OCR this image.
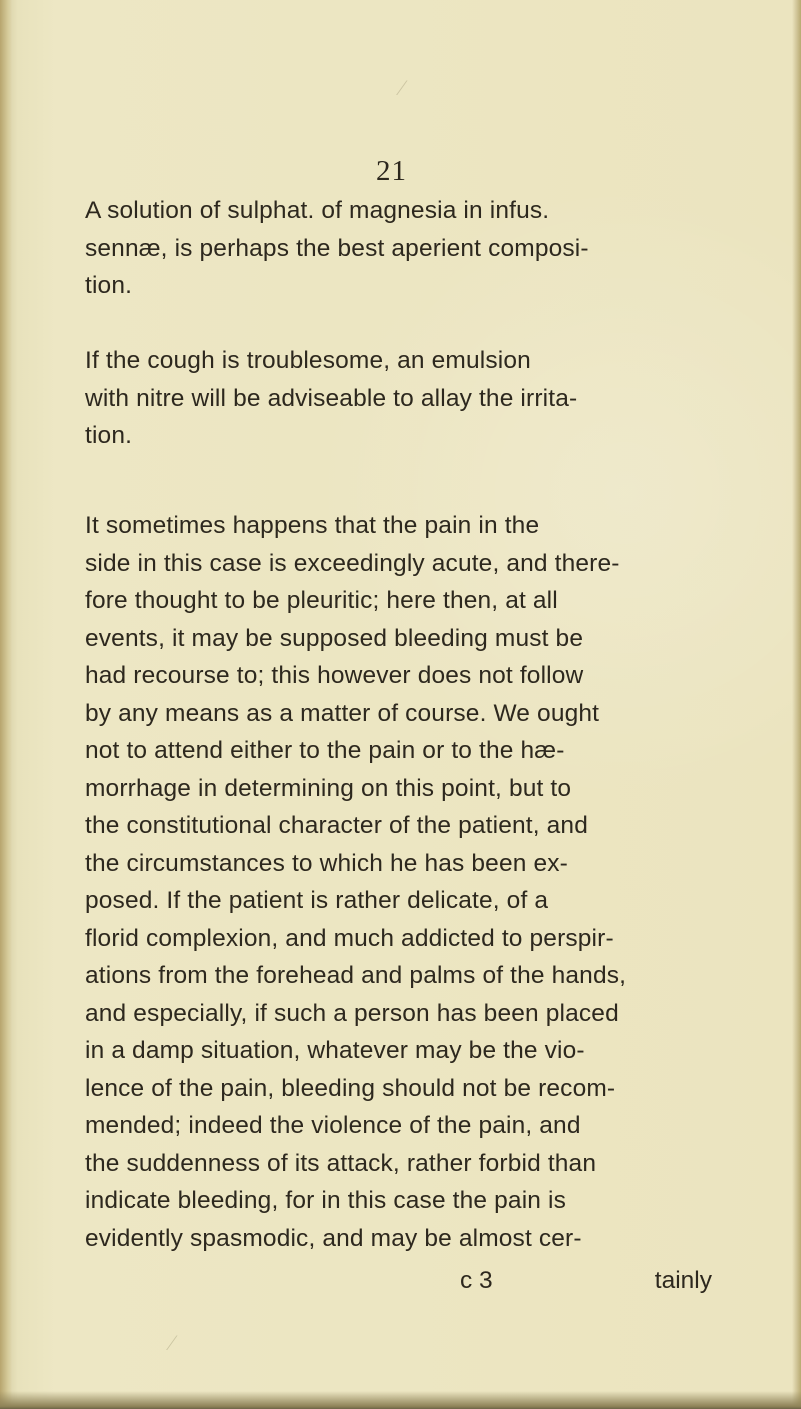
⁄
⁄
21
A solution of sulphat. of magnesia in infus.
sennæ, is perhaps the best aperient composi-
tion.
If the cough is troublesome, an emulsion
with nitre will be adviseable to allay the irrita-
tion.
It sometimes happens that the pain in the
side in this case is exceedingly acute, and there-
fore thought to be pleuritic; here then, at all
events, it may be supposed bleeding must be
had recourse to; this however does not follow
by any means as a matter of course. We ought
not to attend either to the pain or to the hæ-
morrhage in determining on this point, but to
the constitutional character of the patient, and
the circumstances to which he has been ex-
posed. If the patient is rather delicate, of a
florid complexion, and much addicted to perspir-
ations from the forehead and palms of the hands,
and especially, if such a person has been placed
in a damp situation, whatever may be the vio-
lence of the pain, bleeding should not be recom-
mended; indeed the violence of the pain, and
the suddenness of its attack, rather forbid than
indicate bleeding, for in this case the pain is
evidently spasmodic, and may be almost cer-
c 3	tainly
